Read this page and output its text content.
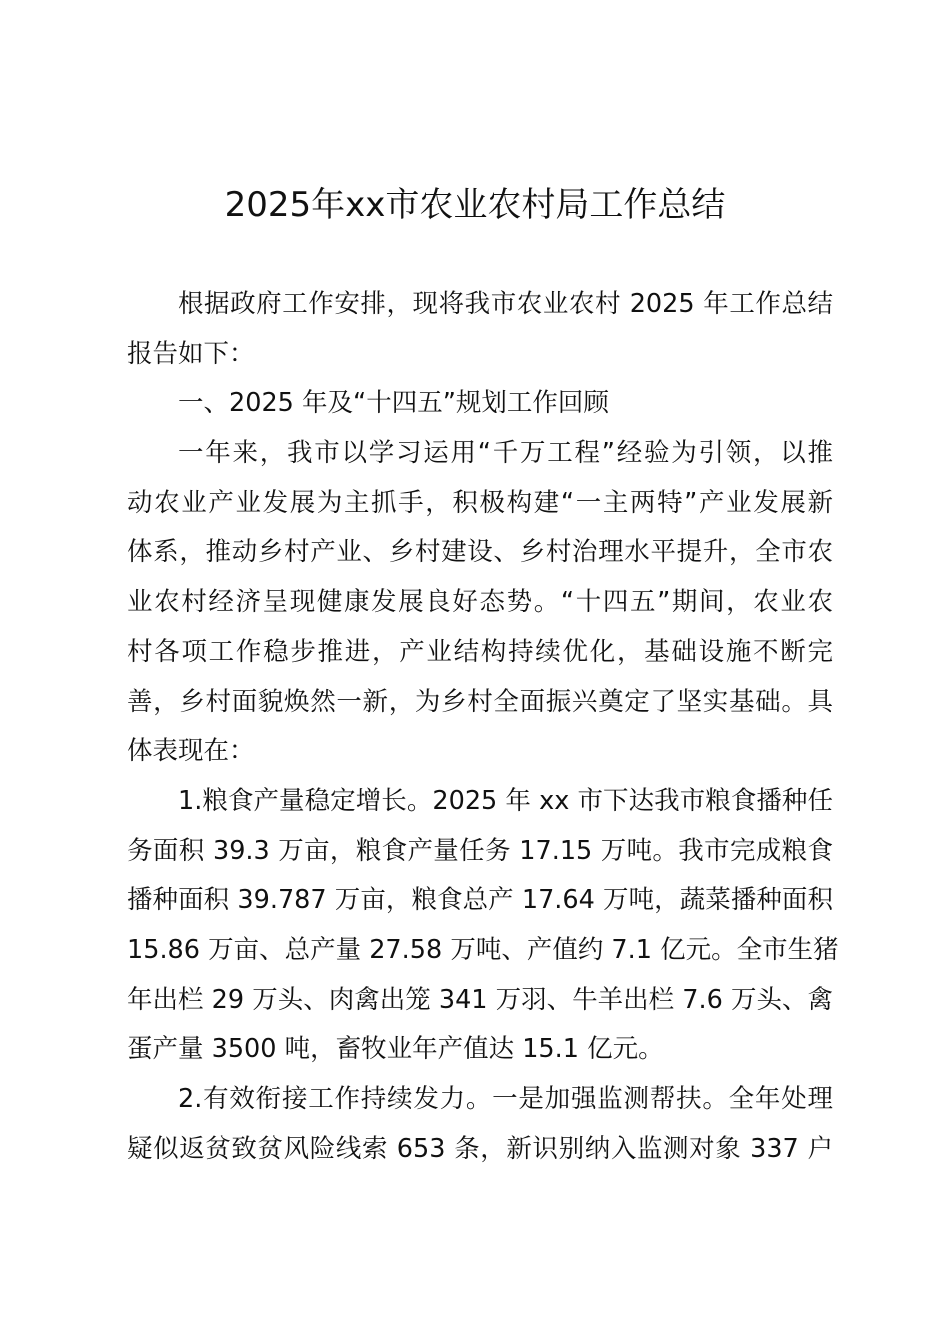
2025年xx市农业农村局工作总结
根据政府工作安排，现将我市农业农村 2025 年工作总结
报告如下：
一、2025 年及“十四五”规划工作回顾
一年来，我市以学习运用“千万工程”经验为引领，以推
动农业产业发展为主抓手，积极构建“一主两特”产业发展新
体系，推动乡村产业、乡村建设、乡村治理水平提升，全市农
业农村经济呈现健康发展良好态势。“十四五”期间，农业农
村各项工作稳步推进，产业结构持续优化，基础设施不断完
善，乡村面貌焕然一新，为乡村全面振兴奠定了坚实基础。具
体表现在：
1.粮食产量稳定增长。2025 年 xx 市下达我市粮食播种任
务面积 39.3 万亩，粮食产量任务 17.15 万吨。我市完成粮食
播种面积 39.787 万亩，粮食总产 17.64 万吨，蔬菜播种面积
15.86 万亩、总产量 27.58 万吨、产值约 7.1 亿元。全市生猪
年出栏 29 万头、肉禽出笼 341 万羽、牛羊出栏 7.6 万头、禽
蛋产量 3500 吨，畜牧业年产值达 15.1 亿元。
2.有效衔接工作持续发力。一是加强监测帮扶。全年处理
疑似返贫致贫风险线索 653 条，新识别纳入监测对象 337 户
